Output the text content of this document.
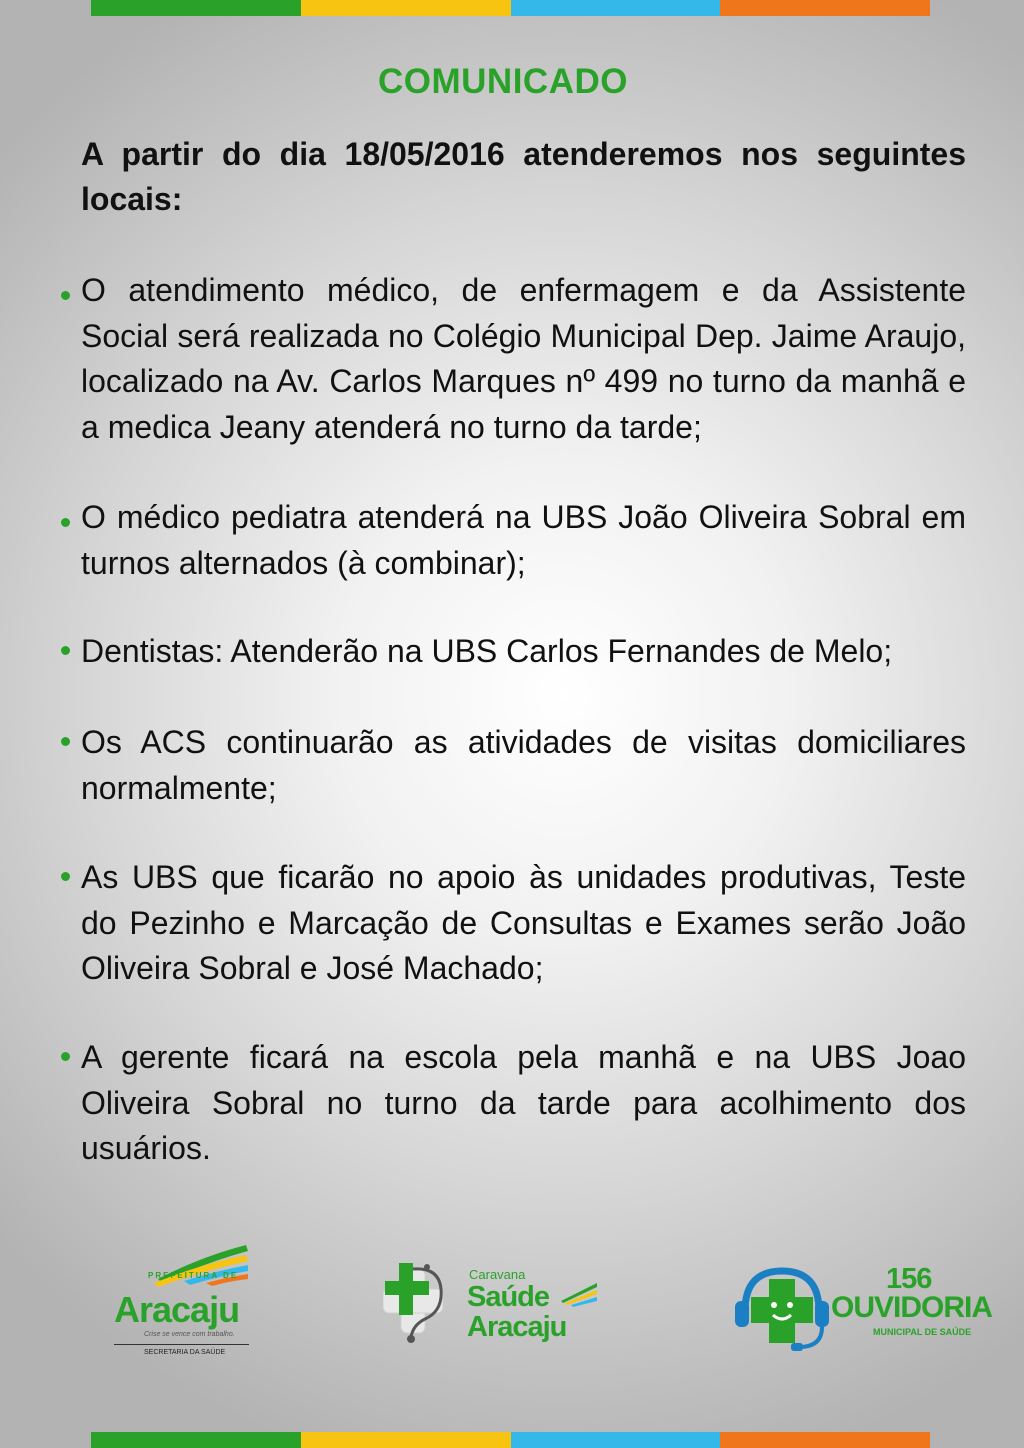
COMUNICADO

A partir do dia 18/05/2016 atenderemos nos seguintes locais:

O atendimento médico, de enfermagem e da Assistente Social será realizada no Colégio Municipal Dep. Jaime Araujo, localizado na Av. Carlos Marques nº 499 no turno da manhã e a medica Jeany atenderá no turno da tarde;
O médico pediatra atenderá na UBS João Oliveira Sobral em turnos alternados (à combinar);
Dentistas: Atenderão na UBS Carlos Fernandes de Melo;
Os ACS continuarão as atividades de visitas domiciliares normalmente;
As UBS que ficarão no apoio às unidades produtivas, Teste do Pezinho e Marcação de Consultas e Exames serão João Oliveira Sobral e José Machado;
A gerente ficará na escola pela manhã e na UBS Joao Oliveira Sobral no turno da tarde para acolhimento dos usuários.
PREFEITURA DE
Aracaju
Crise se vence com trabalho.
SECRETARIA DA SAÚDE
Caravana
Saúde
Aracaju
156
OUVIDORIA
MUNICIPAL DE SAÚDE
